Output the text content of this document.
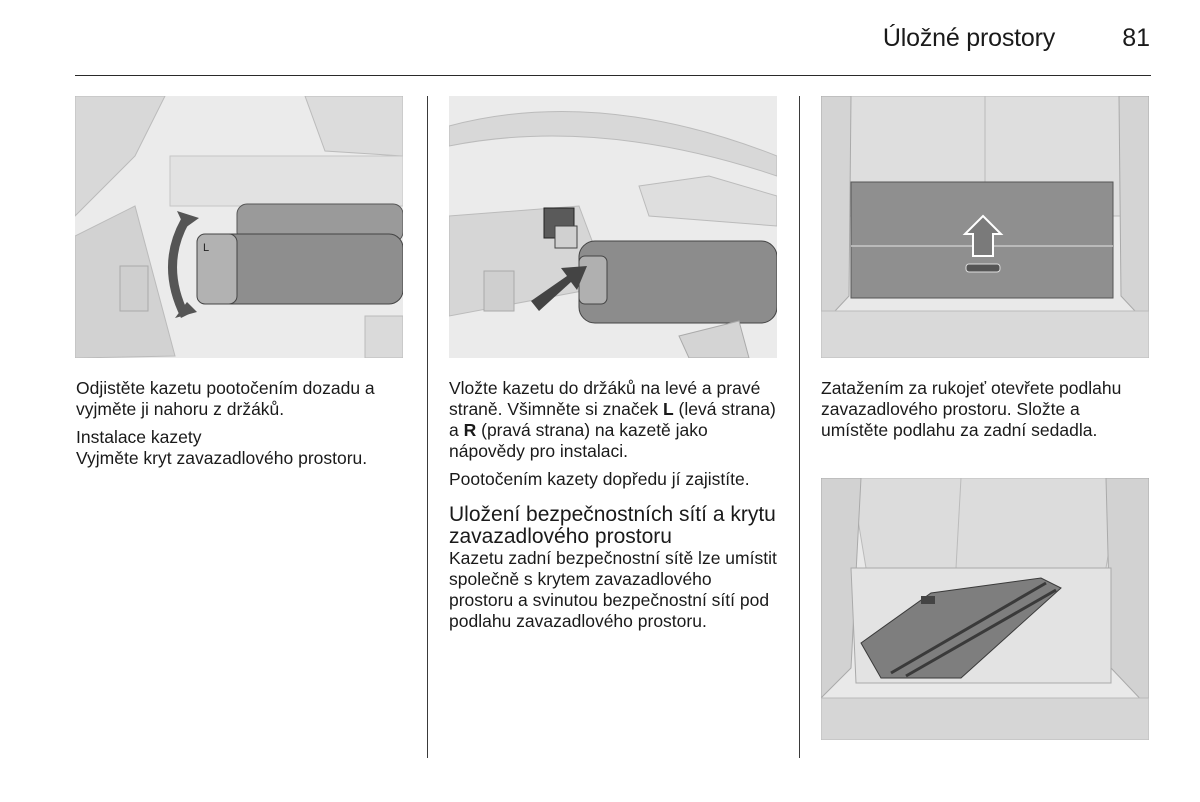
Úložné prostory	81
L

Odjistěte kazetu pootočením dozadu a vyjměte ji nahoru z držáků.

Instalace kazety

Vyjměte kryt zavazadlového prostoru.

Vložte kazetu do držáků na levé a pravé straně. Všimněte si značek L (levá strana) a R (pravá strana) na kazetě jako nápovědy pro instalaci.

Pootočením kazety dopředu jí zajistíte.

Uložení bezpečnostních sítí a krytu zavazadlového prostoru

Kazetu zadní bezpečnostní sítě lze umístit společně s krytem zavazadlového prostoru a svinutou bezpečnostní sítí pod podlahu zavazadlového prostoru.

Zatažením za rukojeť otevřete podlahu zavazadlového prostoru. Složte a umístěte podlahu za zadní sedadla.
